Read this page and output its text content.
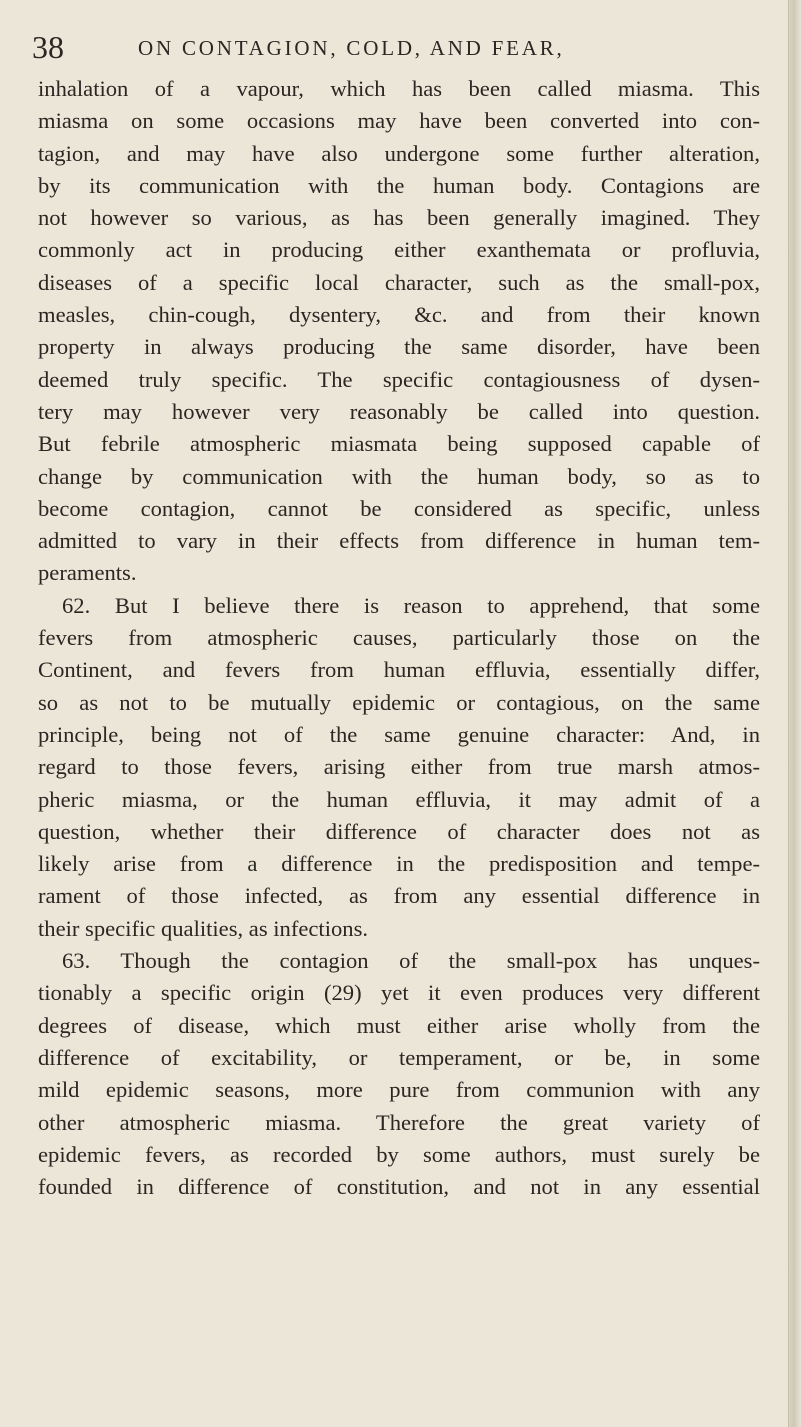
38	ON CONTAGION, COLD, AND FEAR,
inhalation of a vapour, which has been called miasma. This
miasma on some occasions may have been converted into con-
tagion, and may have also undergone some further alteration,
by its communication with the human body. Contagions are
not however so various, as has been generally imagined. They
commonly act in producing either exanthemata or profluvia,
diseases of a specific local character, such as the small-pox,
measles, chin-cough, dysentery, &c. and from their known
property in always producing the same disorder, have been
deemed truly specific. The specific contagiousness of dysen-
tery may however very reasonably be called into question.
But febrile atmospheric miasmata being supposed capable of
change by communication with the human body, so as to
become contagion, cannot be considered as specific, unless
admitted to vary in their effects from difference in human tem-
peraments.
62. But I believe there is reason to apprehend, that some
fevers from atmospheric causes, particularly those on the
Continent, and fevers from human effluvia, essentially differ,
so as not to be mutually epidemic or contagious, on the same
principle, being not of the same genuine character: And, in
regard to those fevers, arising either from true marsh atmos-
pheric miasma, or the human effluvia, it may admit of a
question, whether their difference of character does not as
likely arise from a difference in the predisposition and tempe-
rament of those infected, as from any essential difference in
their specific qualities, as infections.
63. Though the contagion of the small-pox has unques-
tionably a specific origin (29) yet it even produces very different
degrees of disease, which must either arise wholly from the
difference of excitability, or temperament, or be, in some
mild epidemic seasons, more pure from communion with any
other atmospheric miasma. Therefore the great variety of
epidemic fevers, as recorded by some authors, must surely be
founded in difference of constitution, and not in any essential
